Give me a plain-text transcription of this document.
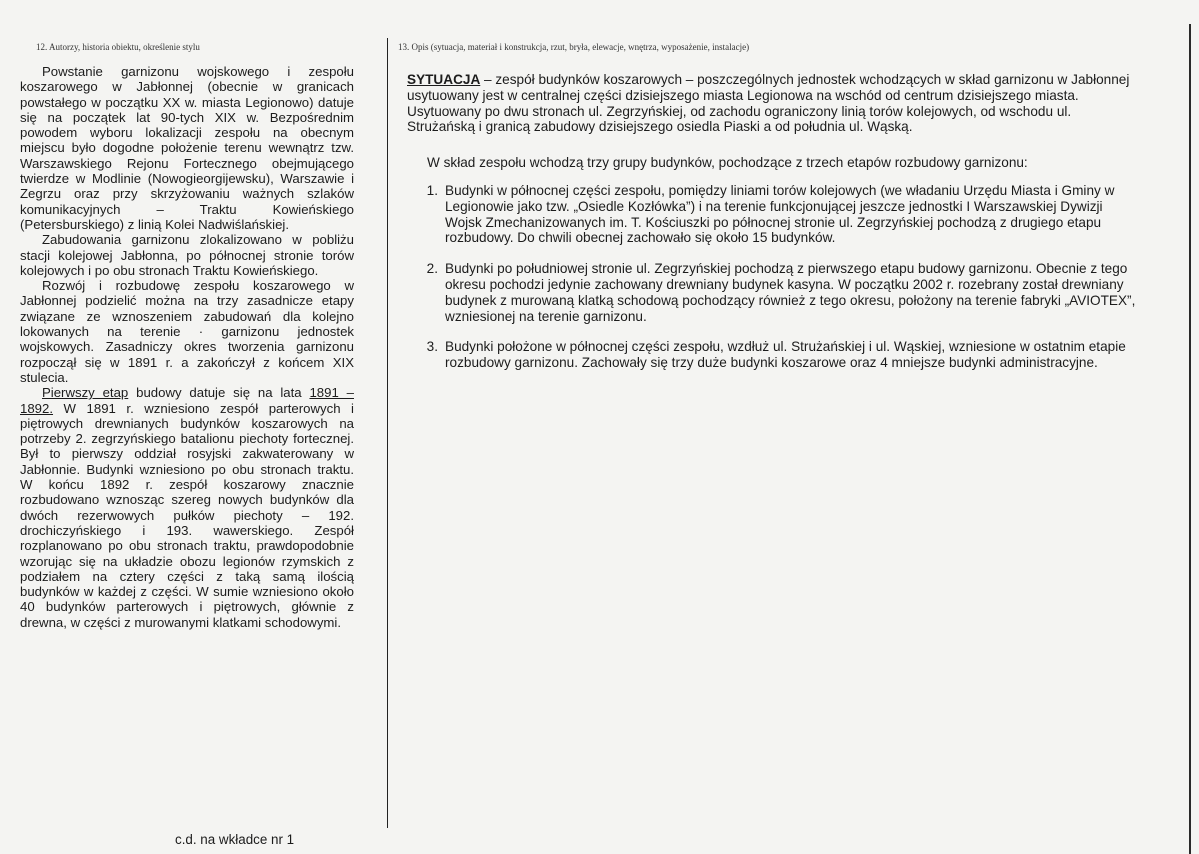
12. Autorzy, historia obiektu, określenie stylu	13. Opis (sytuacja, materiał i konstrukcja, rzut, bryła, elewacje, wnętrza, wyposażenie, instalacje)

Powstanie garnizonu wojskowego i zespołu koszarowego w Jabłonnej (obecnie w granicach powstałego w początku XX w. miasta Legionowo) datuje się na początek lat 90-tych XIX w. Bezpośrednim powodem wyboru lokalizacji zespołu na obecnym miejscu było dogodne położenie terenu wewnątrz tzw. Warszawskiego Rejonu Fortecznego obejmującego twierdze w Modlinie (Nowogieorgijewsku), Warszawie i Zegrzu oraz przy skrzyżowaniu ważnych szlaków komunikacyjnych – Traktu Kowieńskiego (Petersburskiego) z linią Kolei Nadwiślańskiej.

Zabudowania garnizonu zlokalizowano w pobliżu stacji kolejowej Jabłonna, po północnej stronie torów kolejowych i po obu stronach Traktu Kowieńskiego.

Rozwój i rozbudowę zespołu koszarowego w Jabłonnej podzielić można na trzy zasadnicze etapy związane ze wznoszeniem zabudowań dla kolejno lokowanych na terenie · garnizonu jednostek wojskowych. Zasadniczy okres tworzenia garnizonu rozpoczął się w 1891 r. a zakończył z końcem XIX stulecia.

Pierwszy etap budowy datuje się na lata 1891 – 1892. W 1891 r. wzniesiono zespół parterowych i piętrowych drewnianych budynków koszarowych na potrzeby 2. zegrzyńskiego batalionu piechoty fortecznej. Był to pierwszy oddział rosyjski zakwaterowany w Jabłonnie. Budynki wzniesiono po obu stronach traktu. W końcu 1892 r. zespół koszarowy znacznie rozbudowano wznosząc szereg nowych budynków dla dwóch rezerwowych pułków piechoty – 192. drochiczyńskiego i 193. wawerskiego. Zespół rozplanowano po obu stronach traktu, prawdopodobnie wzorując się na układzie obozu legionów rzymskich z podziałem na cztery części z taką samą ilością budynków w każdej z części. W sumie wzniesiono około 40 budynków parterowych i piętrowych, głównie z drewna, w części z murowanymi klatkami schodowymi.

c.d. na wkładce nr 1

SYTUACJA – zespół budynków koszarowych – poszczególnych jednostek wchodzących w skład garnizonu w Jabłonnej usytuowany jest w centralnej części dzisiejszego miasta Legionowa na wschód od centrum dzisiejszego miasta. Usytuowany po dwu stronach ul. Zegrzyńskiej, od zachodu ograniczony linią torów kolejowych, od wschodu ul. Strużańską i granicą zabudowy dzisiejszego osiedla Piaski a od południa ul. Wąską.

W skład zespołu wchodzą trzy grupy budynków, pochodzące z trzech etapów rozbudowy garnizonu:

1. Budynki w północnej części zespołu, pomiędzy liniami torów kolejowych (we władaniu Urzędu Miasta i Gminy w Legionowie jako tzw. „Osiedle Kozłówka”) i na terenie funkcjonującej jeszcze jednostki I Warszawskiej Dywizji Wojsk Zmechanizowanych im. T. Kościuszki po północnej stronie ul. Zegrzyńskiej pochodzą z drugiego etapu rozbudowy. Do chwili obecnej zachowało się około 15 budynków.
2. Budynki po południowej stronie ul. Zegrzyńskiej pochodzą z pierwszego etapu budowy garnizonu. Obecnie z tego okresu pochodzi jedynie zachowany drewniany budynek kasyna. W początku 2002 r. rozebrany został drewniany budynek z murowaną klatką schodową pochodzący również z tego okresu, położony na terenie fabryki „AVIOTEX”, wzniesionej na terenie garnizonu.
3. Budynki położone w północnej części zespołu, wzdłuż ul. Strużańskiej i ul. Wąskiej, wzniesione w ostatnim etapie rozbudowy garnizonu. Zachowały się trzy duże budynki koszarowe oraz 4 mniejsze budynki administracyjne.
